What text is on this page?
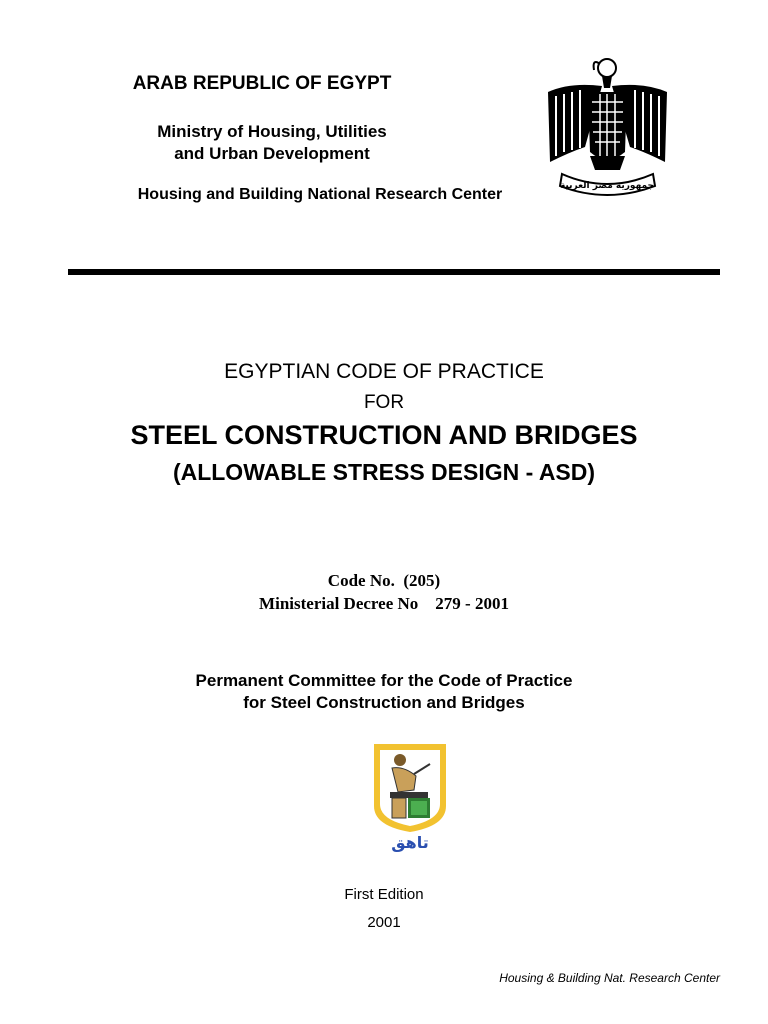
ARAB REPUBLIC OF EGYPT
Ministry of Housing, Utilities
and Urban Development
Housing and Building National Research Center	جمهورية مصر العربية
EGYPTIAN CODE OF PRACTICE
FOR
STEEL CONSTRUCTION AND BRIDGES
(ALLOWABLE STRESS DESIGN - ASD)
Code No.  (205)
Ministerial Decree No    279 - 2001
Permanent Committee for the Code of Practice
for Steel Construction and Bridges
تاهق
First Edition
2001
Housing & Building Nat. Research Center
